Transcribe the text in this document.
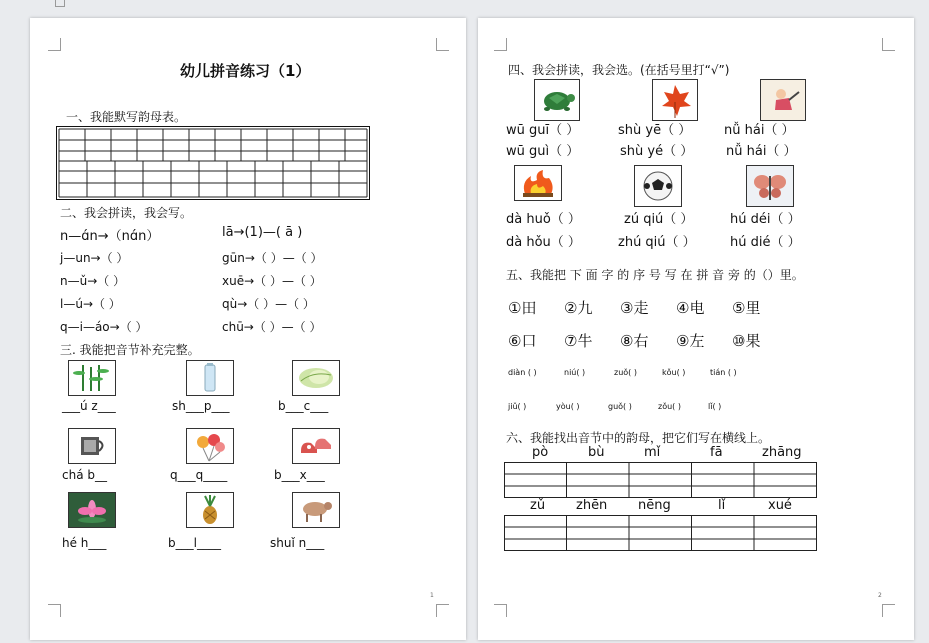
幼儿拼音练习（1）
一、我能默写韵母表。
二、我会拼读，我会写。
n—ɑ́n→（nɑ́n）	lā→(1)—( ā )
j—un→（ ）	gūn→（ ）—（ ）
n—ǔ→（ ）	xuē→（ ）—（ ）
l—ú→（ ）	qù→（ ）—（ ）
q—i—áo→（ ）	chū→（ ）—（ ）
三. 我能把音节补充完整。
___ú z___	sh___p___	b___c___
chá b__	q___q____	b___x___
hé h___	b___l____	shuǐ n___
1
四、我会拼读，我会选。(在括号里打“√”)
wū guī（ ）	shù yē（ ）	nǚ hái（ ）
wū guì（ ）	shù yé（ ）	nǚ hái（ ）
dà huǒ（ ）	zú qiú（ ）	hú déi（ ）
dà hǒu（ ）	zhú qiú（ ）	hú dié（ ）
五、我能把 下 面 字 的 序 号 写 在 拼 音 旁 的（）里。
①田 ②九 ③走 ④电 ⑤里
⑥口 ⑦牛 ⑧右 ⑨左 ⑩果
diàn ( )	niú( )	zuǒ( )	kǒu( )	tián ( )
jiǔ( )	yòu( )	guǒ( )	zǒu( )	lǐ( )
六、我能找出音节中的韵母，把它们写在横线上。
pò	bù	mǐ	fā	zhāng
zǔ zhēn nēng	lǐ	xué
2
